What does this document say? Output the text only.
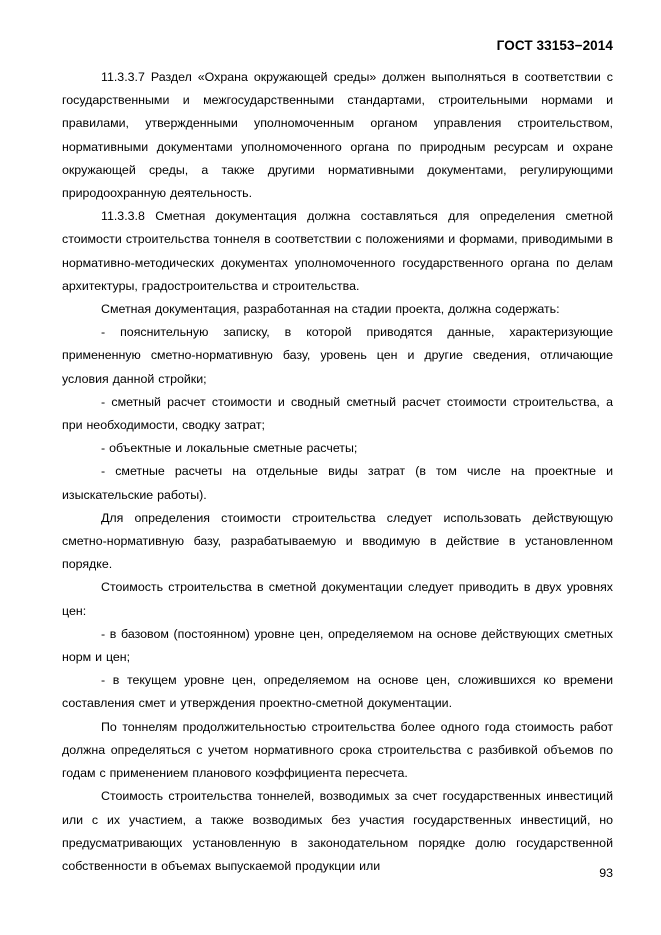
ГОСТ 33153−2014

11.3.3.7 Раздел «Охрана окружающей среды» должен выполняться в соответствии с государственными и межгосударственными стандартами, строительными нормами и правилами, утвержденными уполномоченным органом управления строительством, нормативными документами уполномоченного органа по природным ресурсам и охране окружающей среды, а также другими нормативными документами, регулирующими природоохранную деятельность.

11.3.3.8 Сметная документация должна составляться для определения сметной стоимости строительства тоннеля в соответствии с положениями и формами, приводимыми в нормативно-методических документах уполномоченного государственного органа по делам архитектуры, градостроительства и строительства.

Сметная документация, разработанная на стадии проекта, должна содержать:

- пояснительную записку, в которой приводятся данные, характеризующие примененную сметно-нормативную базу, уровень цен и другие сведения, отличающие условия данной стройки;

- сметный расчет стоимости и сводный сметный расчет стоимости строительства, а при необходимости, сводку затрат;

- объектные и локальные сметные расчеты;

- сметные расчеты на отдельные виды затрат (в том числе на проектные и изыскательские работы).

Для определения стоимости строительства следует использовать действующую сметно-нормативную базу, разрабатываемую и вводимую в действие в установленном порядке.

Стоимость строительства в сметной документации следует приводить в двух уровнях цен:

- в базовом (постоянном) уровне цен, определяемом на основе действующих сметных норм и цен;

- в текущем уровне цен, определяемом на основе цен, сложившихся ко времени составления смет и утверждения проектно-сметной документации.

По тоннелям продолжительностью строительства более одного года стоимость работ должна определяться с учетом нормативного срока строительства с разбивкой объемов по годам с применением планового коэффициента пересчета.

Стоимость строительства тоннелей, возводимых за счет государственных инвестиций или с их участием, а также возводимых без участия государственных инвестиций, но предусматривающих установленную в законодательном порядке долю государственной собственности в объемах выпускаемой продукции или

93
